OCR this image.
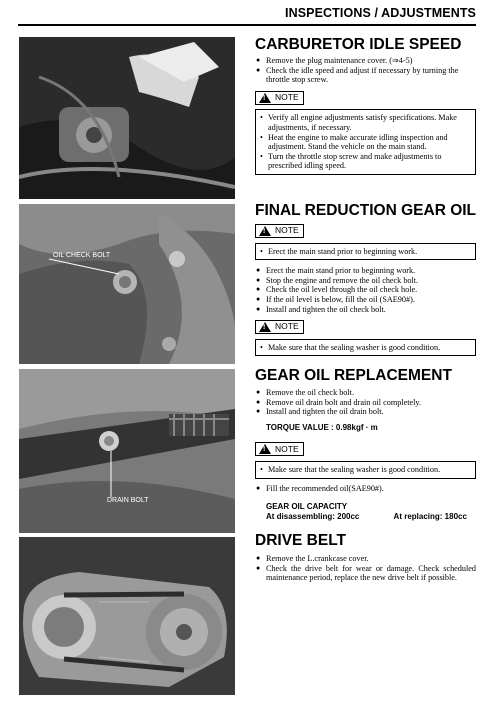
INSPECTIONS / ADJUSTMENTS
OIL CHECK BOLT
DRAIN BOLT
CARBURETOR IDLE SPEED
● Remove the plug maintenance cover. (⇒4-5)
● Check the idle speed and adjust if necessary by turning the throttle stop screw.
!
NOTE
• Verify all engine adjustments satisfy specifications. Make adjustments, if necessary.
• Heat the engine to make accurate idling inspection and adjustment. Stand the vehicle on the main stand.
• Turn the throttle stop screw and make adjustments to prescribed idling speed.
FINAL REDUCTION GEAR OIL
!
NOTE
• Erect the main stand prior to beginning work.
● Erect the main stand prior to beginning work.
● Stop the engine and remove the oil check bolt.
● Check the oil level through the oil check hole.
● If the oil level is below, fill the oil (SAE90#).
● Install and tighten the oil check bolt.
!
NOTE
• Make sure that the sealing washer is good condition.
GEAR OIL REPLACEMENT
● Remove the oil check bolt.
● Remove oil drain bolt and drain oil completely.
● Install and tighten the oil drain bolt.
TORQUE VALUE : 0.98kgf · m
!
NOTE
• Make sure that the sealing washer is good condition.
● Fill the recommended oil(SAE90#).
GEAR OIL CAPACITY
At disassembling: 200cc	At replacing: 180cc
DRIVE BELT
● Remove the L.crankcase cover.
● Check the drive belt for wear or damage. Check scheduled maintenance period, replace the new drive belt if possible.
